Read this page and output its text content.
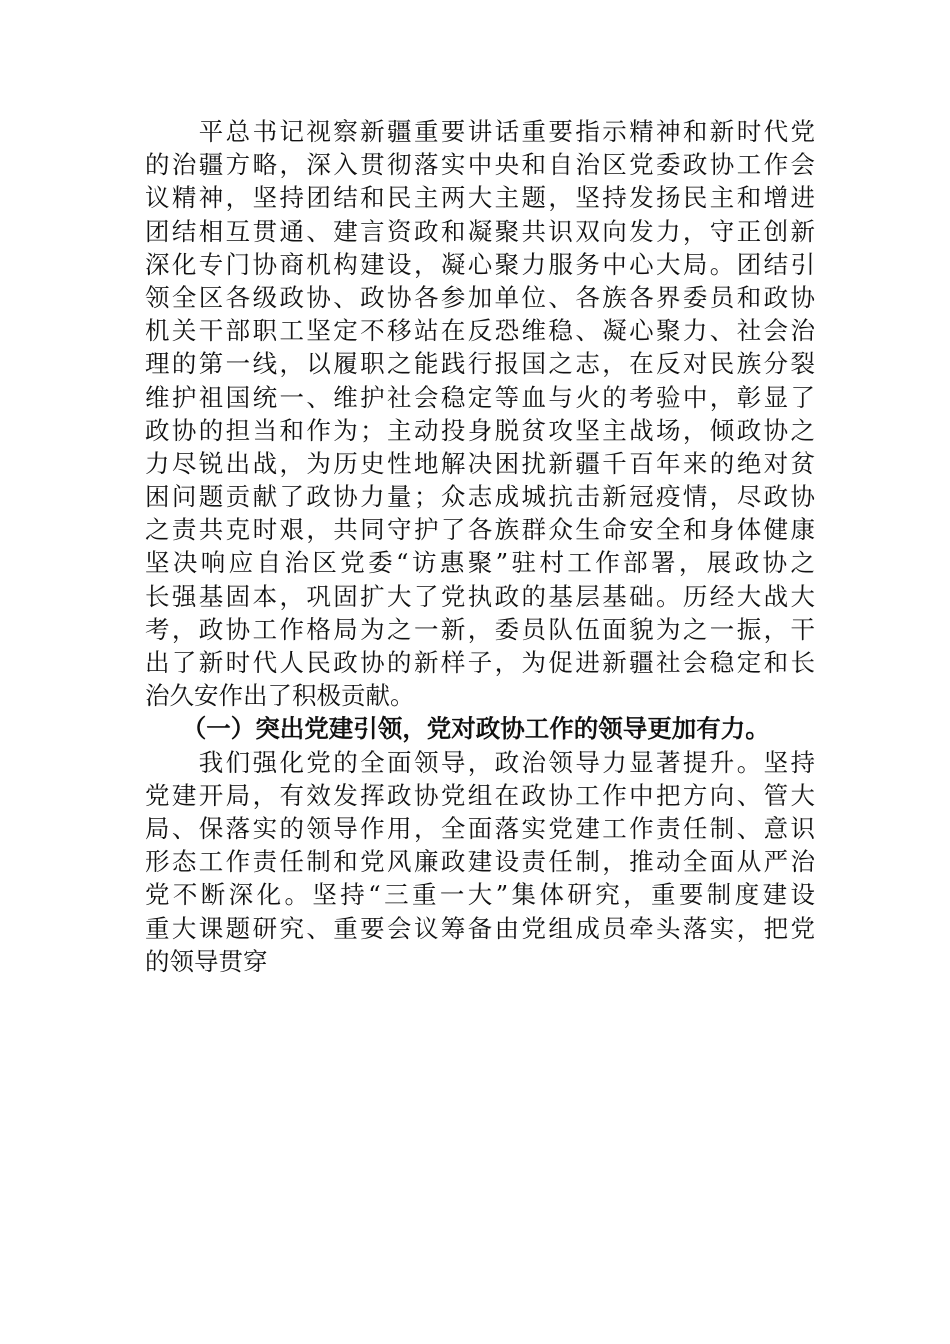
　　平总书记视察新疆重要讲话重要指示精神和新时代党
的治疆方略，深入贯彻落实中央和自治区党委政协工作会
议精神，坚持团结和民主两大主题，坚持发扬民主和增进
团结相互贯通、建言资政和凝聚共识双向发力，守正创新
深化专门协商机构建设，凝心聚力服务中心大局。团结引
领全区各级政协、政协各参加单位、各族各界委员和政协
机关干部职工坚定不移站在反恐维稳、凝心聚力、社会治
理的第一线，以履职之能践行报国之志，在反对民族分裂
维护祖国统一、维护社会稳定等血与火的考验中，彰显了
政协的担当和作为；主动投身脱贫攻坚主战场，倾政协之
力尽锐出战，为历史性地解决困扰新疆千百年来的绝对贫
困问题贡献了政协力量；众志成城抗击新冠疫情，尽政协
之责共克时艰，共同守护了各族群众生命安全和身体健康
坚决响应自治区党委“访惠聚”驻村工作部署，展政协之
长强基固本，巩固扩大了党执政的基层基础。历经大战大
考，政协工作格局为之一新，委员队伍面貌为之一振，干
出了新时代人民政协的新样子，为促进新疆社会稳定和长
治久安作出了积极贡献。
　　（一）突出党建引领，党对政协工作的领导更加有力。
　　我们强化党的全面领导，政治领导力显著提升。坚持
党建开局，有效发挥政协党组在政协工作中把方向、管大
局、保落实的领导作用，全面落实党建工作责任制、意识
形态工作责任制和党风廉政建设责任制，推动全面从严治
党不断深化。坚持“三重一大”集体研究，重要制度建设
重大课题研究、重要会议筹备由党组成员牵头落实，把党
的领导贯穿
